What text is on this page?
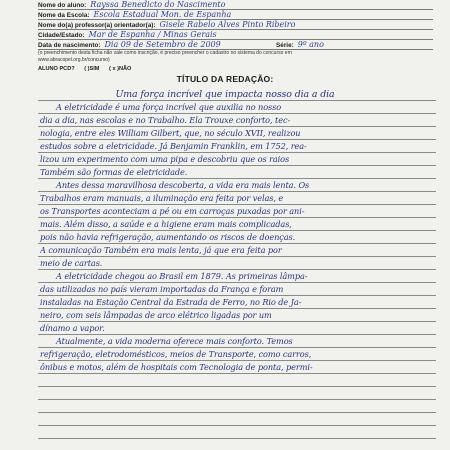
Nome do aluno: Rayssa Benedicto do Nascimento
Nome da Escola: Escola Estadual Mon. de Espanha
Nome do(a) professor(a) orientador(a): Gisele Rabelo Alves Pinto Ribeiro
Cidade/Estado: Mar de Espanha / Minas Gerais
Data de nascimento: Dia 09 de Setembro de 2009	Série: 9º ano
(o preenchimento desta ficha não vale como inscrição, é preciso preencher o cadastro no sistema do concurso em
www.abracopel.org.br/concurso)
ALUNO PCD? ( )SIM ( x )NÃO
TÍTULO DA REDAÇÃO:
Uma força incrível que impacta nosso dia a dia
A eletricidade é uma força incrível que auxilia no nosso
dia a dia, nas escolas e no Trabalho. Ela Trouxe conforto, tec-
nologia, entre eles William Gilbert, que, no século XVII, realizou
estudos sobre a eletricidade. Já Benjamin Franklin, em 1752, rea-
lizou um experimento com uma pipa e descobriu que os raios
Também são formas de eletricidade.
Antes dessa maravilhosa descoberta, a vida era mais lenta. Os
Trabalhos eram manuais, a iluminação era feita por velas, e
os Transportes aconteciam a pé ou em carroças puxadas por ani-
mais. Além disso, a saúde e a higiene eram mais complicadas,
pois não havia refrigeração, aumentando os riscos de doenças.
A comunicação Também era mais lenta, já que era feita por
meio de cartas.
A eletricidade chegou ao Brasil em 1879. As primeiras lâmpa-
das utilizadas no país vieram importadas da França e foram
instaladas na Estação Central da Estrada de Ferro, no Rio de Ja-
neiro, com seis lâmpadas de arco elétrico ligadas por um
dínamo a vapor.
Atualmente, a vida moderna oferece mais conforto. Temos
refrigeração, eletrodomésticos, meios de Transporte, como carros,
ônibus e motos, além de hospitais com Tecnologia de ponta, permi-
